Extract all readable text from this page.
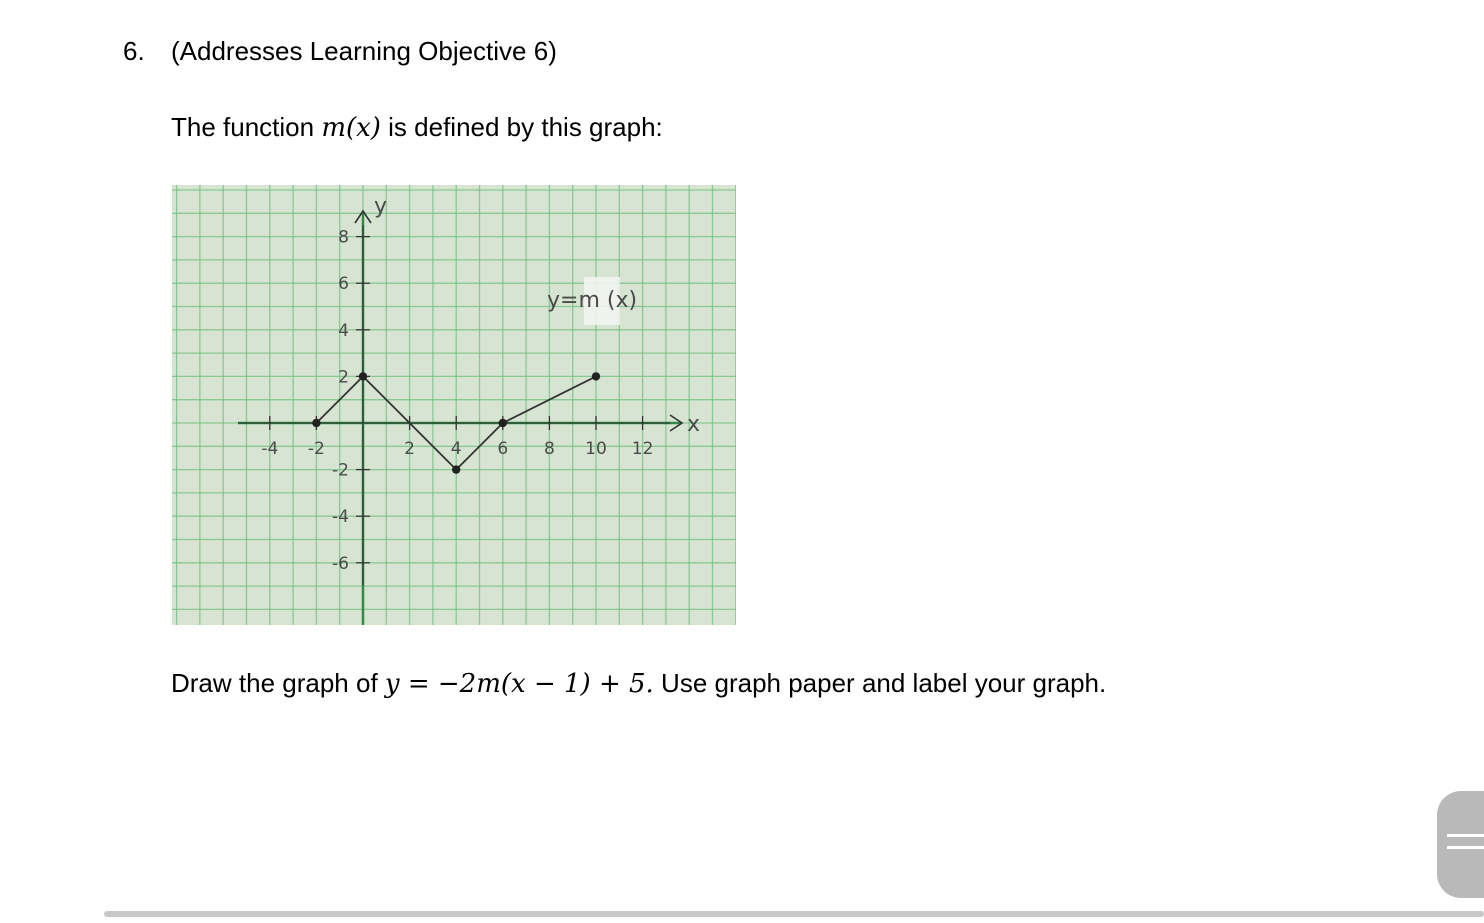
6. (Addresses Learning Objective 6)
The function m(x) is defined by this graph:
x
y
-4 -2	2 4 6 8 10 12
8
6
4
2
-2
-4
-6
y=m (x)
Draw the graph of y = −2m(x − 1) + 5. Use graph paper and label your graph.
